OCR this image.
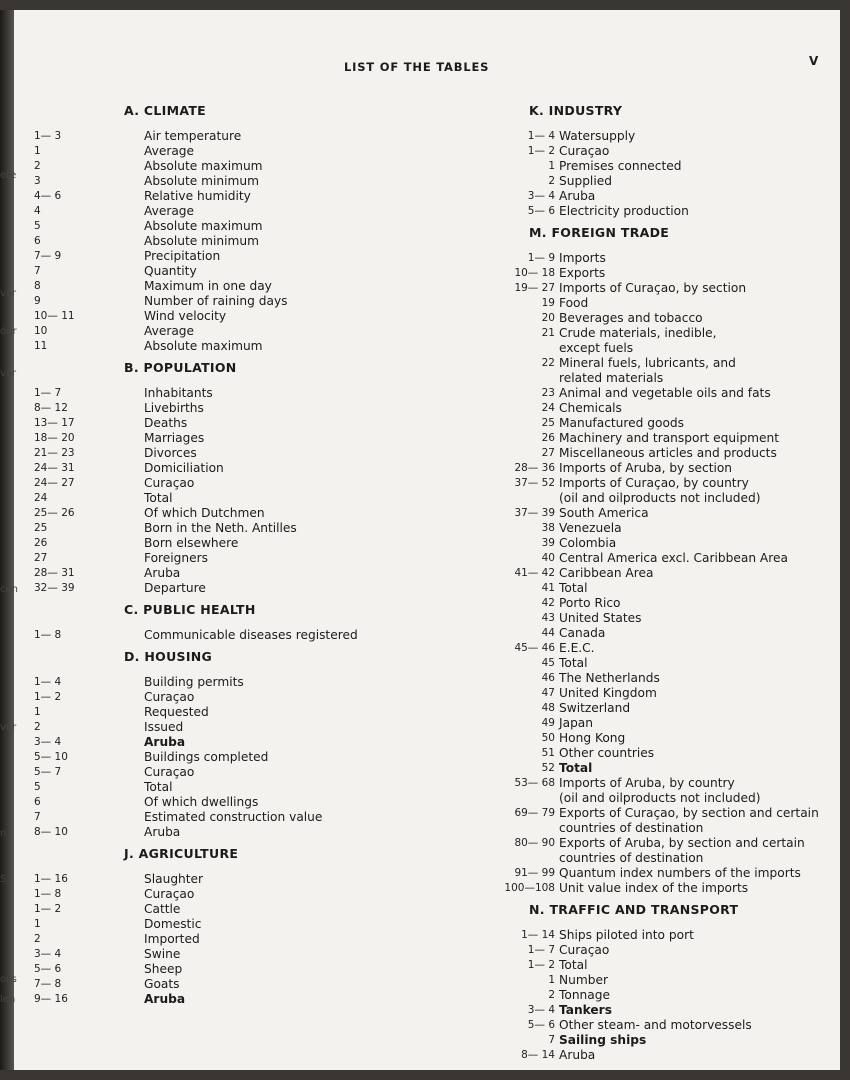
LIST OF THE TABLES	V
A. CLIMATE
1— 3	Air temperature
1	Average
2	Absolute maximum
3	Absolute minimum
4— 6	Relative humidity
4	Average
5	Absolute maximum
6	Absolute minimum
7— 9	Precipitation
7	Quantity
8	Maximum in one day
9	Number of raining days
10— 11	Wind velocity
10	Average
11	Absolute maximum
B. POPULATION
1— 7	Inhabitants
8— 12	Livebirths
13— 17	Deaths
18— 20	Marriages
21— 23	Divorces
24— 31	Domiciliation
24— 27	Curaçao
24	Total
25— 26	Of which Dutchmen
25	Born in the Neth. Antilles
26	Born elsewhere
27	Foreigners
28— 31	Aruba
32— 39	Departure
C. PUBLIC HEALTH
1— 8	Communicable diseases registered
D. HOUSING
1— 4	Building permits
1— 2	Curaçao
1	Requested
2	Issued
3— 4	Aruba
5— 10	Buildings completed
5— 7	Curaçao
5	Total
6	Of which dwellings
7	Estimated construction value
8— 10	Aruba
J. AGRICULTURE
1— 16	Slaughter
1— 8	Curaçao
1— 2	Cattle
1	Domestic
2	Imported
3— 4	Swine
5— 6	Sheep
7— 8	Goats
9— 16	Aruba
K. INDUSTRY
1— 4 Watersupply
1— 2 Curaçao
1 Premises connected
2 Supplied
3— 4 Aruba
5— 6 Electricity production
M. FOREIGN TRADE
1— 9 Imports
10— 18 Exports
19— 27 Imports of Curaçao, by section
19 Food
20 Beverages and tobacco
21 Crude materials, inedible,
except fuels
22 Mineral fuels, lubricants, and
related materials
23 Animal and vegetable oils and fats
24 Chemicals
25 Manufactured goods
26 Machinery and transport equipment
27 Miscellaneous articles and products
28— 36 Imports of Aruba, by section
37— 52 Imports of Curaçao, by country
(oil and oilproducts not included)
37— 39 South America
38 Venezuela
39 Colombia
40 Central America excl. Caribbean Area
41— 42 Caribbean Area
41 Total
42 Porto Rico
43 United States
44 Canada
45— 46 E.E.C.
45 Total
46 The Netherlands
47 United Kingdom
48 Switzerland
49 Japan
50 Hong Kong
51 Other countries
52 Total
53— 68 Imports of Aruba, by country
(oil and oilproducts not included)
69— 79 Exports of Curaçao, by section and certain
countries of destination
80— 90 Exports of Aruba, by section and certain
countries of destination
91— 99 Quantum index numbers of the imports
100—108 Unit value index of the imports
N. TRAFFIC AND TRANSPORT
1— 14 Ships piloted into port
1— 7 Curaçao
1— 2 Total
1 Number
2 Tonnage
3— 4 Tankers
5— 6 Other steam- and motorvessels
7 Sailing ships
8— 14 Aruba
ete
var
der
var
con
ver
n
S
olis
len
